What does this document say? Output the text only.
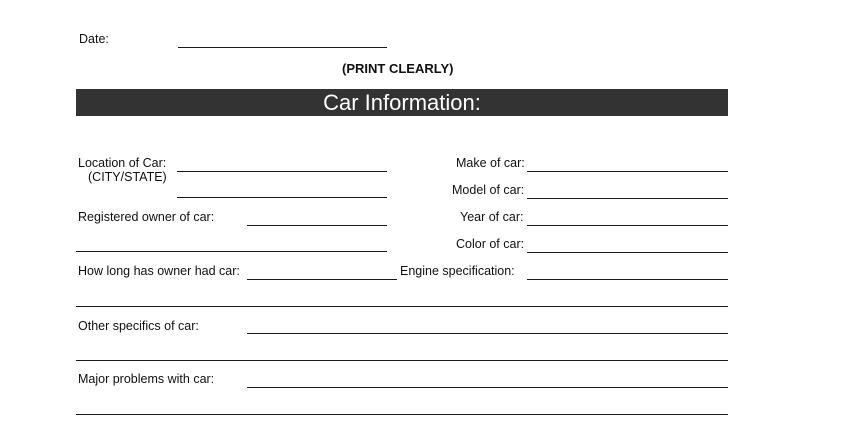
Date:
(PRINT CLEARLY)
Car Information:
Location of Car:
(CITY/STATE)
Registered owner of car:
How long has owner had car:
Make of car:
Model of car:
Year of car:
Color of car:
Engine specification:
Other specifics of car:
Major problems with car:
